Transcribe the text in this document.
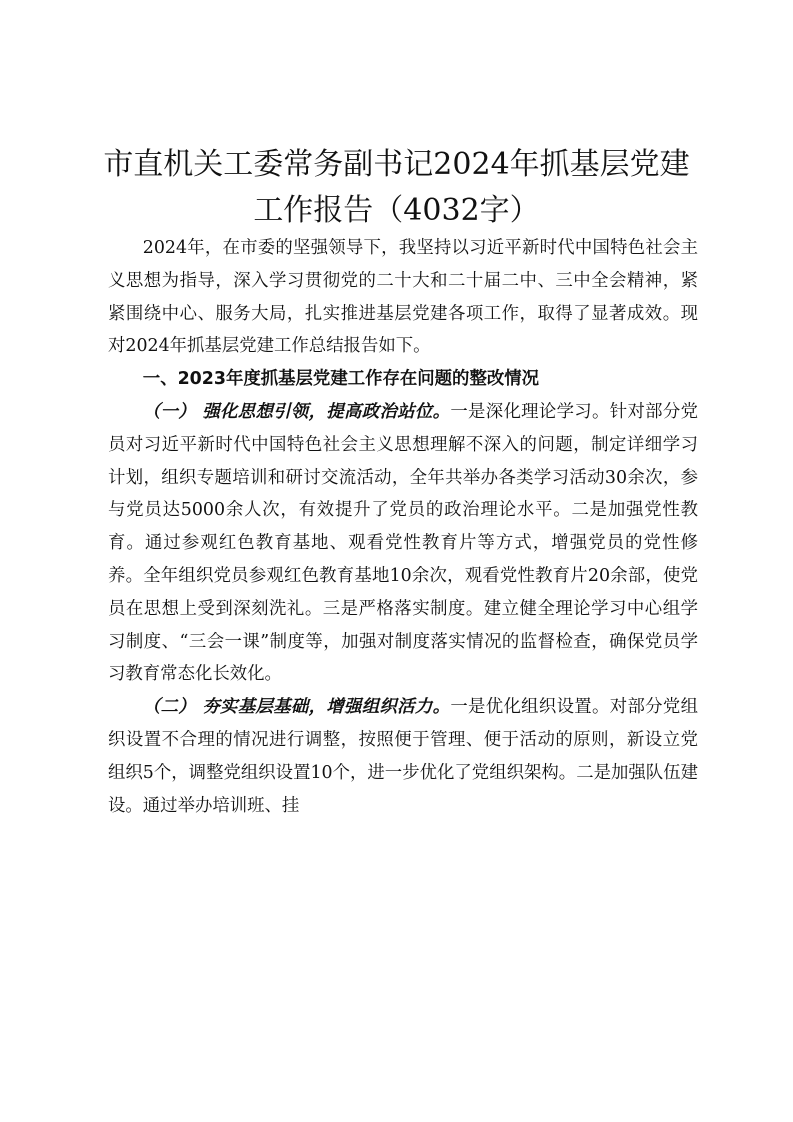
市直机关工委常务副书记2024年抓基层党建
工作报告（4032字）

2024年，在市委的坚强领导下，我坚持以习近平新时代中国特色社会主义思想为指导，深入学习贯彻党的二十大和二十届二中、三中全会精神，紧紧围绕中心、服务大局，扎实推进基层党建各项工作，取得了显著成效。现对2024年抓基层党建工作总结报告如下。

一、2023年度抓基层党建工作存在问题的整改情况

（一） 强化思想引领，提高政治站位。一是深化理论学习。针对部分党员对习近平新时代中国特色社会主义思想理解不深入的问题，制定详细学习计划，组织专题培训和研讨交流活动，全年共举办各类学习活动30余次，参与党员达5000余人次，有效提升了党员的政治理论水平。二是加强党性教育。通过参观红色教育基地、观看党性教育片等方式，增强党员的党性修养。全年组织党员参观红色教育基地10余次，观看党性教育片20余部，使党员在思想上受到深刻洗礼。三是严格落实制度。建立健全理论学习中心组学习制度、“三会一课”制度等，加强对制度落实情况的监督检查，确保党员学习教育常态化长效化。

（二） 夯实基层基础，增强组织活力。一是优化组织设置。对部分党组织设置不合理的情况进行调整，按照便于管理、便于活动的原则，新设立党组织5个，调整党组织设置10个，进一步优化了党组织架构。二是加强队伍建设。通过举办培训班、挂
